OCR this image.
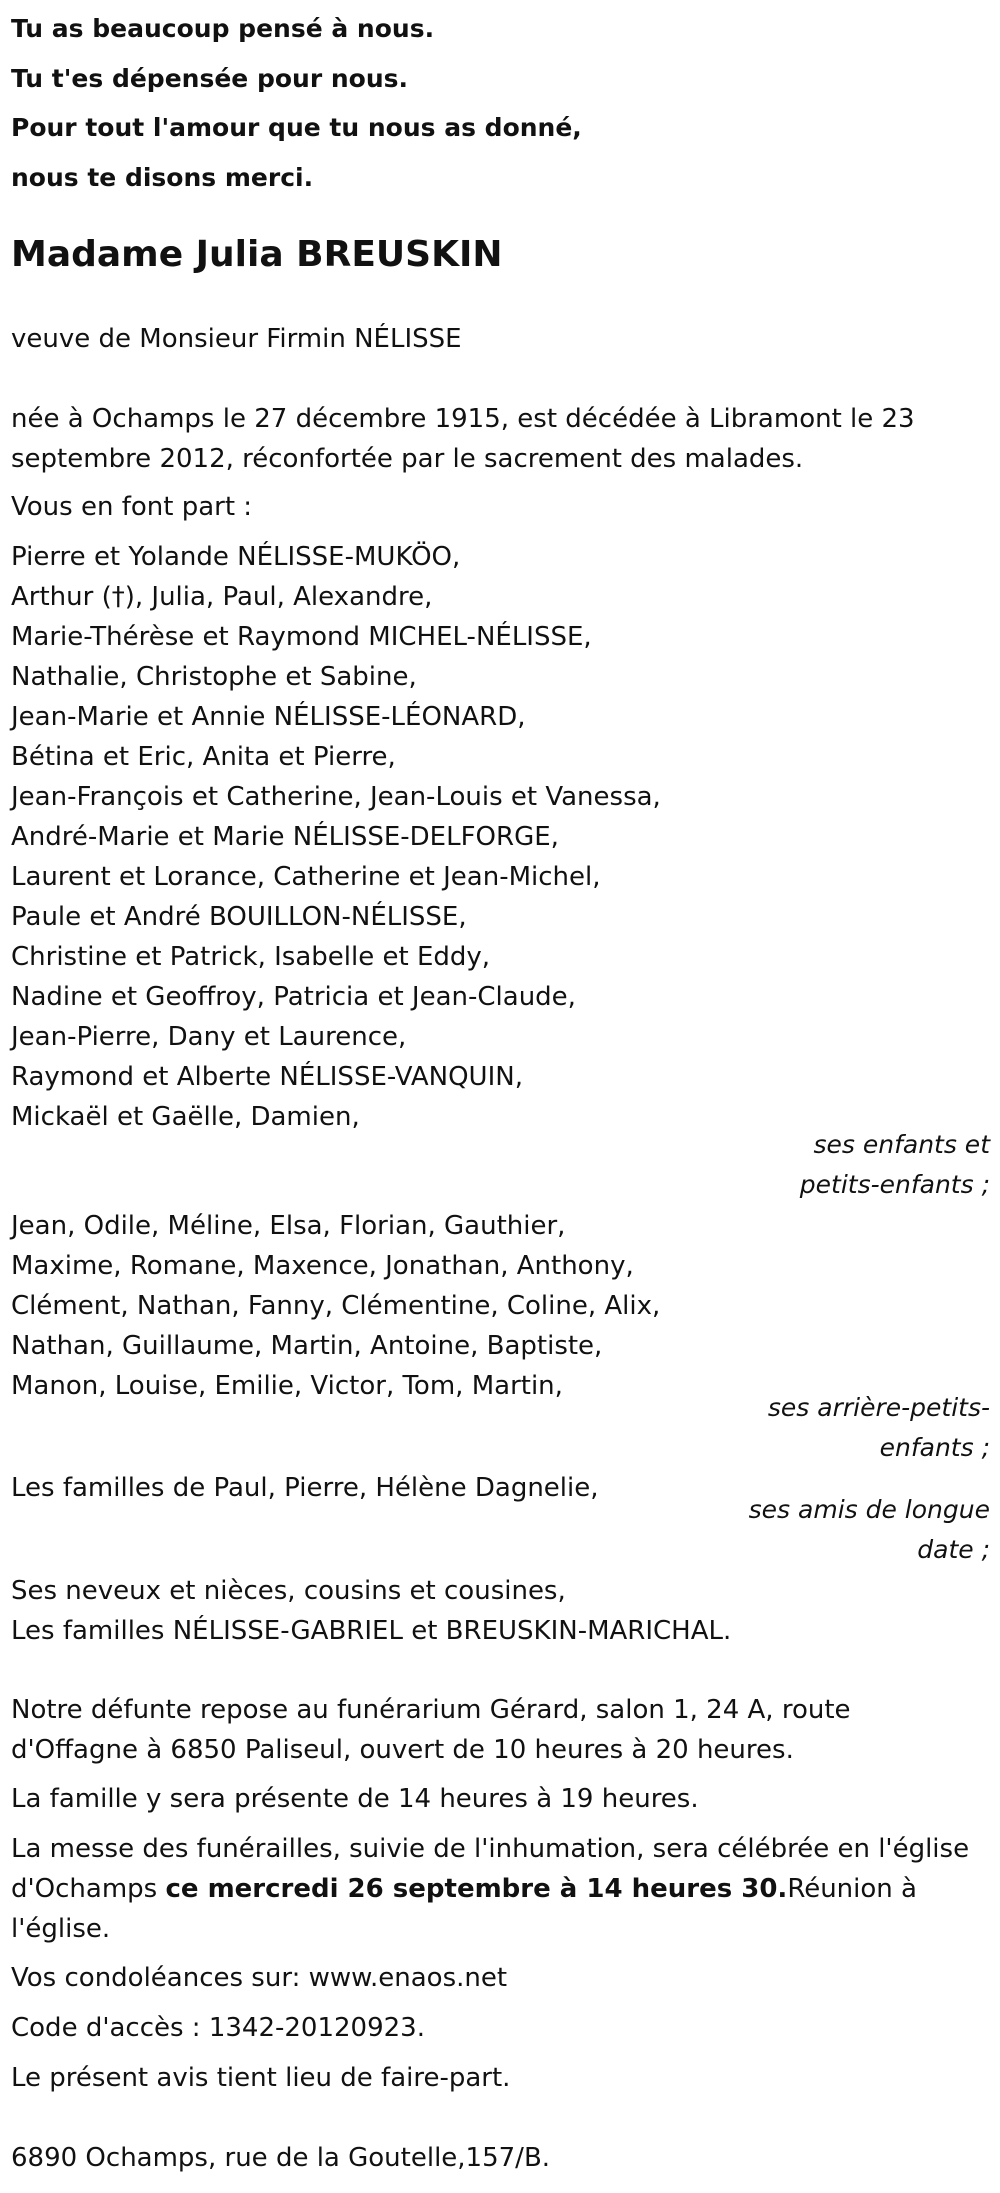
Tu as beaucoup pensé à nous.
Tu t'es dépensée pour nous.
Pour tout l'amour que tu nous as donné,
nous te disons merci.
Madame Julia BREUSKIN
veuve de Monsieur Firmin NÉLISSE
née à Ochamps le 27 décembre 1915, est décédée à Libramont le 23
septembre 2012, réconfortée par le sacrement des malades.
Vous en font part :
Pierre et Yolande NÉLISSE-MUKÖO,
Arthur (†), Julia, Paul, Alexandre,
Marie-Thérèse et Raymond MICHEL-NÉLISSE,
Nathalie, Christophe et Sabine,
Jean-Marie et Annie NÉLISSE-LÉONARD,
Bétina et Eric, Anita et Pierre,
Jean-François et Catherine, Jean-Louis et Vanessa,
André-Marie et Marie NÉLISSE-DELFORGE,
Laurent et Lorance, Catherine et Jean-Michel,
Paule et André BOUILLON-NÉLISSE,
Christine et Patrick, Isabelle et Eddy,
Nadine et Geoffroy, Patricia et Jean-Claude,
Jean-Pierre, Dany et Laurence,
Raymond et Alberte NÉLISSE-VANQUIN,
Mickaël et Gaëlle, Damien,
ses enfants et
petits-enfants ;
Jean, Odile, Méline, Elsa, Florian, Gauthier,
Maxime, Romane, Maxence, Jonathan, Anthony,
Clément, Nathan, Fanny, Clémentine, Coline, Alix,
Nathan, Guillaume, Martin, Antoine, Baptiste,
Manon, Louise, Emilie, Victor, Tom, Martin,
ses arrière-petits-
enfants ;
Les familles de Paul, Pierre, Hélène Dagnelie,
ses amis de longue
date ;
Ses neveux et nièces, cousins et cousines,
Les familles NÉLISSE-GABRIEL et BREUSKIN-MARICHAL.
Notre défunte repose au funérarium Gérard, salon 1, 24 A, route
d'Offagne à 6850 Paliseul, ouvert de 10 heures à 20 heures.
La famille y sera présente de 14 heures à 19 heures.
La messe des funérailles, suivie de l'inhumation, sera célébrée en l'église
d'Ochamps ce mercredi 26 septembre à 14 heures 30.Réunion à
l'église.
Vos condoléances sur: www.enaos.net
Code d'accès : 1342-20120923.
Le présent avis tient lieu de faire-part.
6890 Ochamps, rue de la Goutelle,157/B.
